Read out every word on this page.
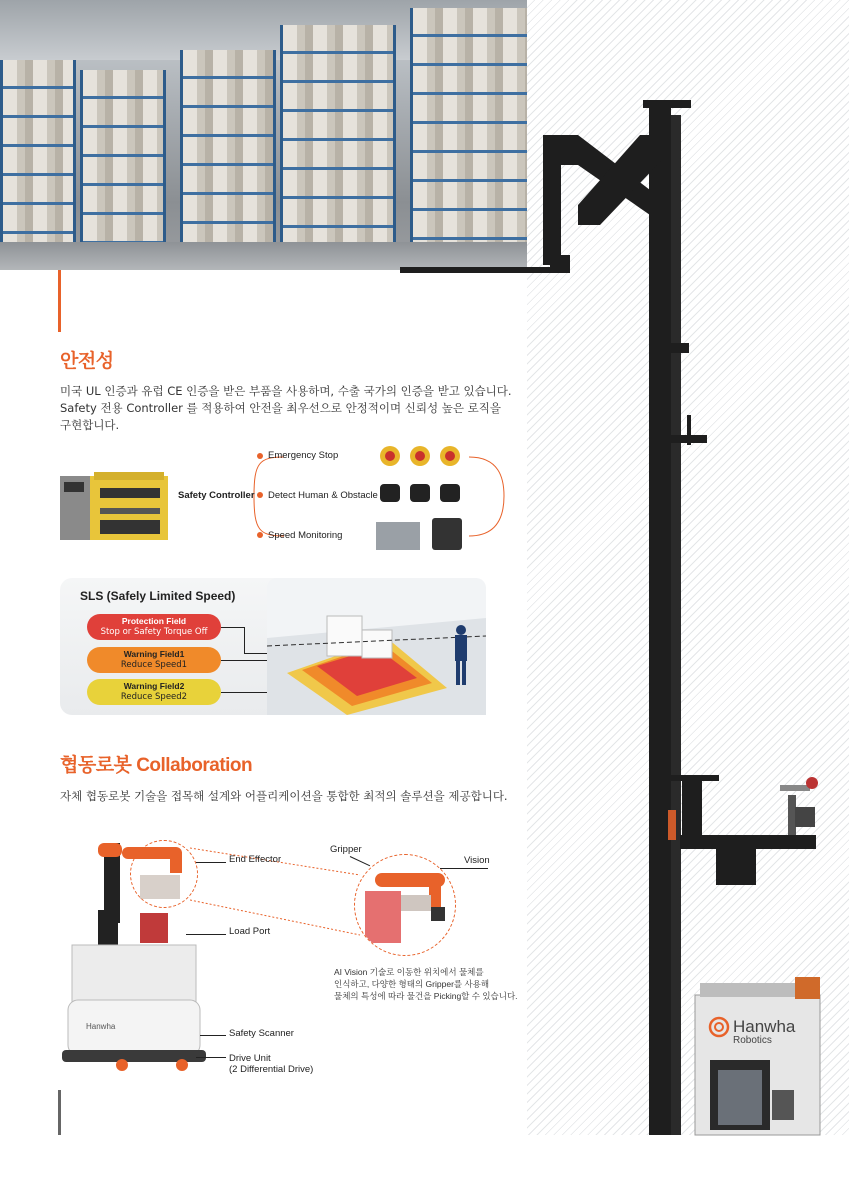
Hanwha
Robotics
안전성
미국 UL 인증과 유럽 CE 인증을 받은 부품을 사용하며, 수출 국가의 인증을 받고 있습니다.
Safety 전용 Controller 를 적용하여 안전을 최우선으로 안정적이며 신뢰성 높은 로직을
구현합니다.
Safety Controller
Emergency Stop
Detect Human & Obstacle
Speed Monitoring
SLS (Safely Limited Speed)
Protection Field
Stop or Safety Torque Off
Warning Field1
Reduce Speed1
Warning Field2
Reduce Speed2
협동로봇 Collaboration
자체 협동로봇 기술을 접목해 설계와 어플리케이션을 통합한 최적의 솔루션을 제공합니다.
Hanwha
End Effector
Load Port
Safety Scanner
Drive Unit
(2 Differential Drive)
Gripper
Vision
AI Vision 기술로 이동한 위치에서 물체를
인식하고, 다양한 형태의 Gripper를 사용해
물체의 특성에 따라 물건을 Picking할 수 있습니다.
